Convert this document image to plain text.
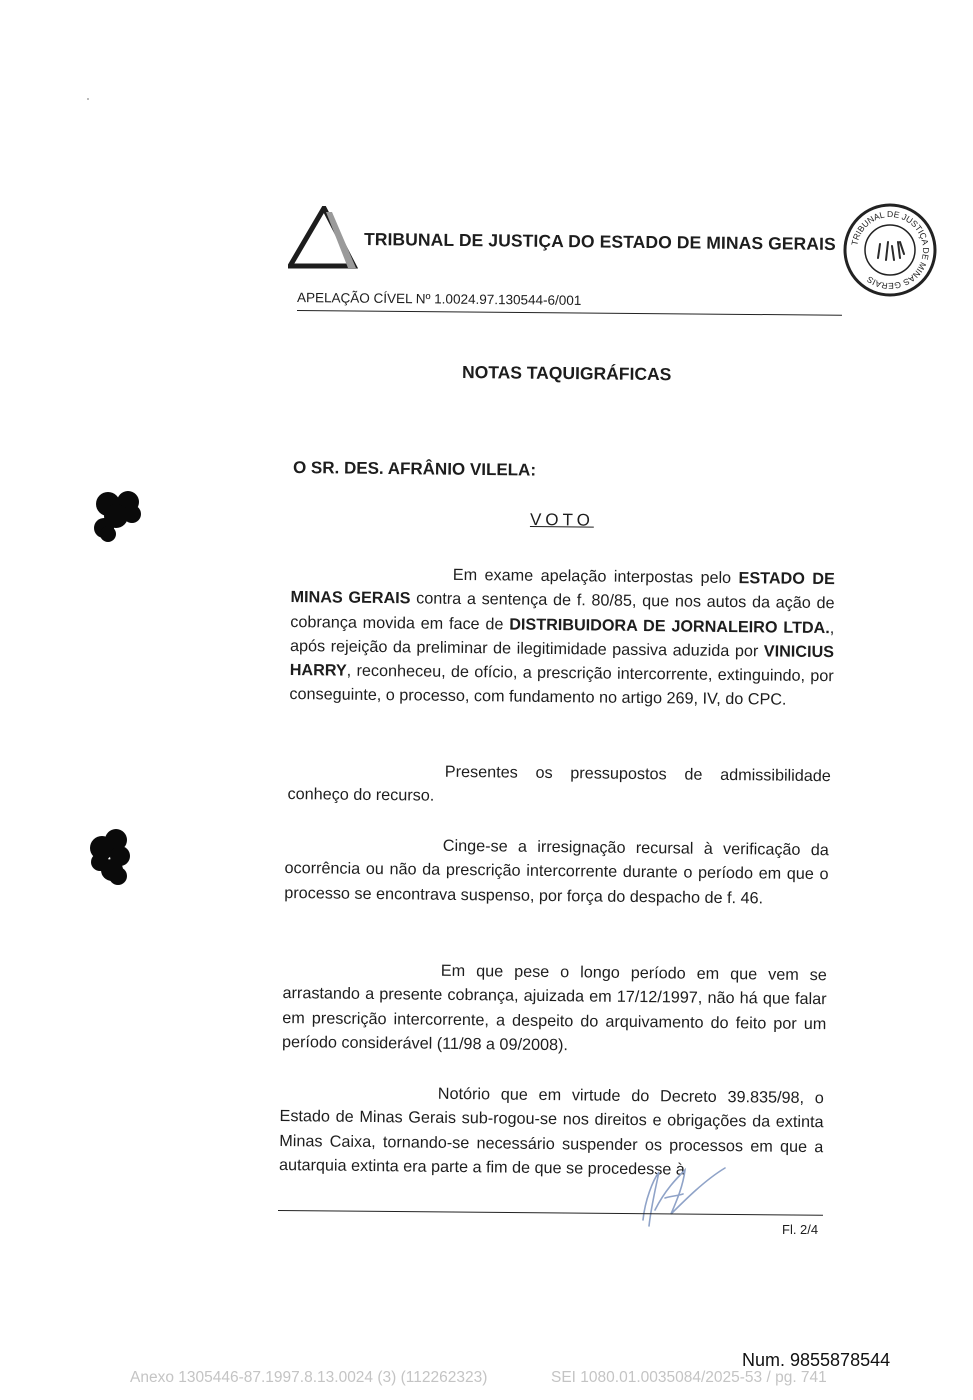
TRIBUNAL DE JUSTIÇA DO ESTADO DE MINAS GERAIS TRIBUNAL DE JUSTIÇA DE MINAS GERAIS
APELAÇÃO CÍVEL Nº 1.0024.97.130544-6/001
NOTAS TAQUIGRÁFICAS
O SR. DES. AFRÂNIO VILELA:
VOTO
Em exame apelação interpostas pelo ESTADO DE MINAS GERAIS contra a sentença de f. 80/85, que nos autos da ação de cobrança movida em face de DISTRIBUIDORA DE JORNALEIRO LTDA., após rejeição da preliminar de ilegitimidade passiva aduzida por VINICIUS HARRY, reconheceu, de ofício, a prescrição intercorrente, extinguindo, por conseguinte, o processo, com fundamento no artigo 269, IV, do CPC.
Presentes os pressupostos de admissibilidade conheço do recurso.
Cinge-se a irresignação recursal à verificação da ocorrência ou não da prescrição intercorrente durante o período em que o processo se encontrava suspenso, por força do despacho de f. 46.
Em que pese o longo período em que vem se arrastando a presente cobrança, ajuizada em 17/12/1997, não há que falar em prescrição intercorrente, a despeito do arquivamento do feito por um período considerável (11/98 a 09/2008).
Notório que em virtude do Decreto 39.835/98, o Estado de Minas Gerais sub-rogou-se nos direitos e obrigações da extinta Minas Caixa, tornando-se necessário suspender os processos em que a autarquia extinta era parte a fim de que se procedesse à
Fl. 2/4
Num. 9855878544
Anexo 1305446-87.1997.8.13.0024 (3) (112262323)	SEI 1080.01.0035084/2025-53 / pg. 741
